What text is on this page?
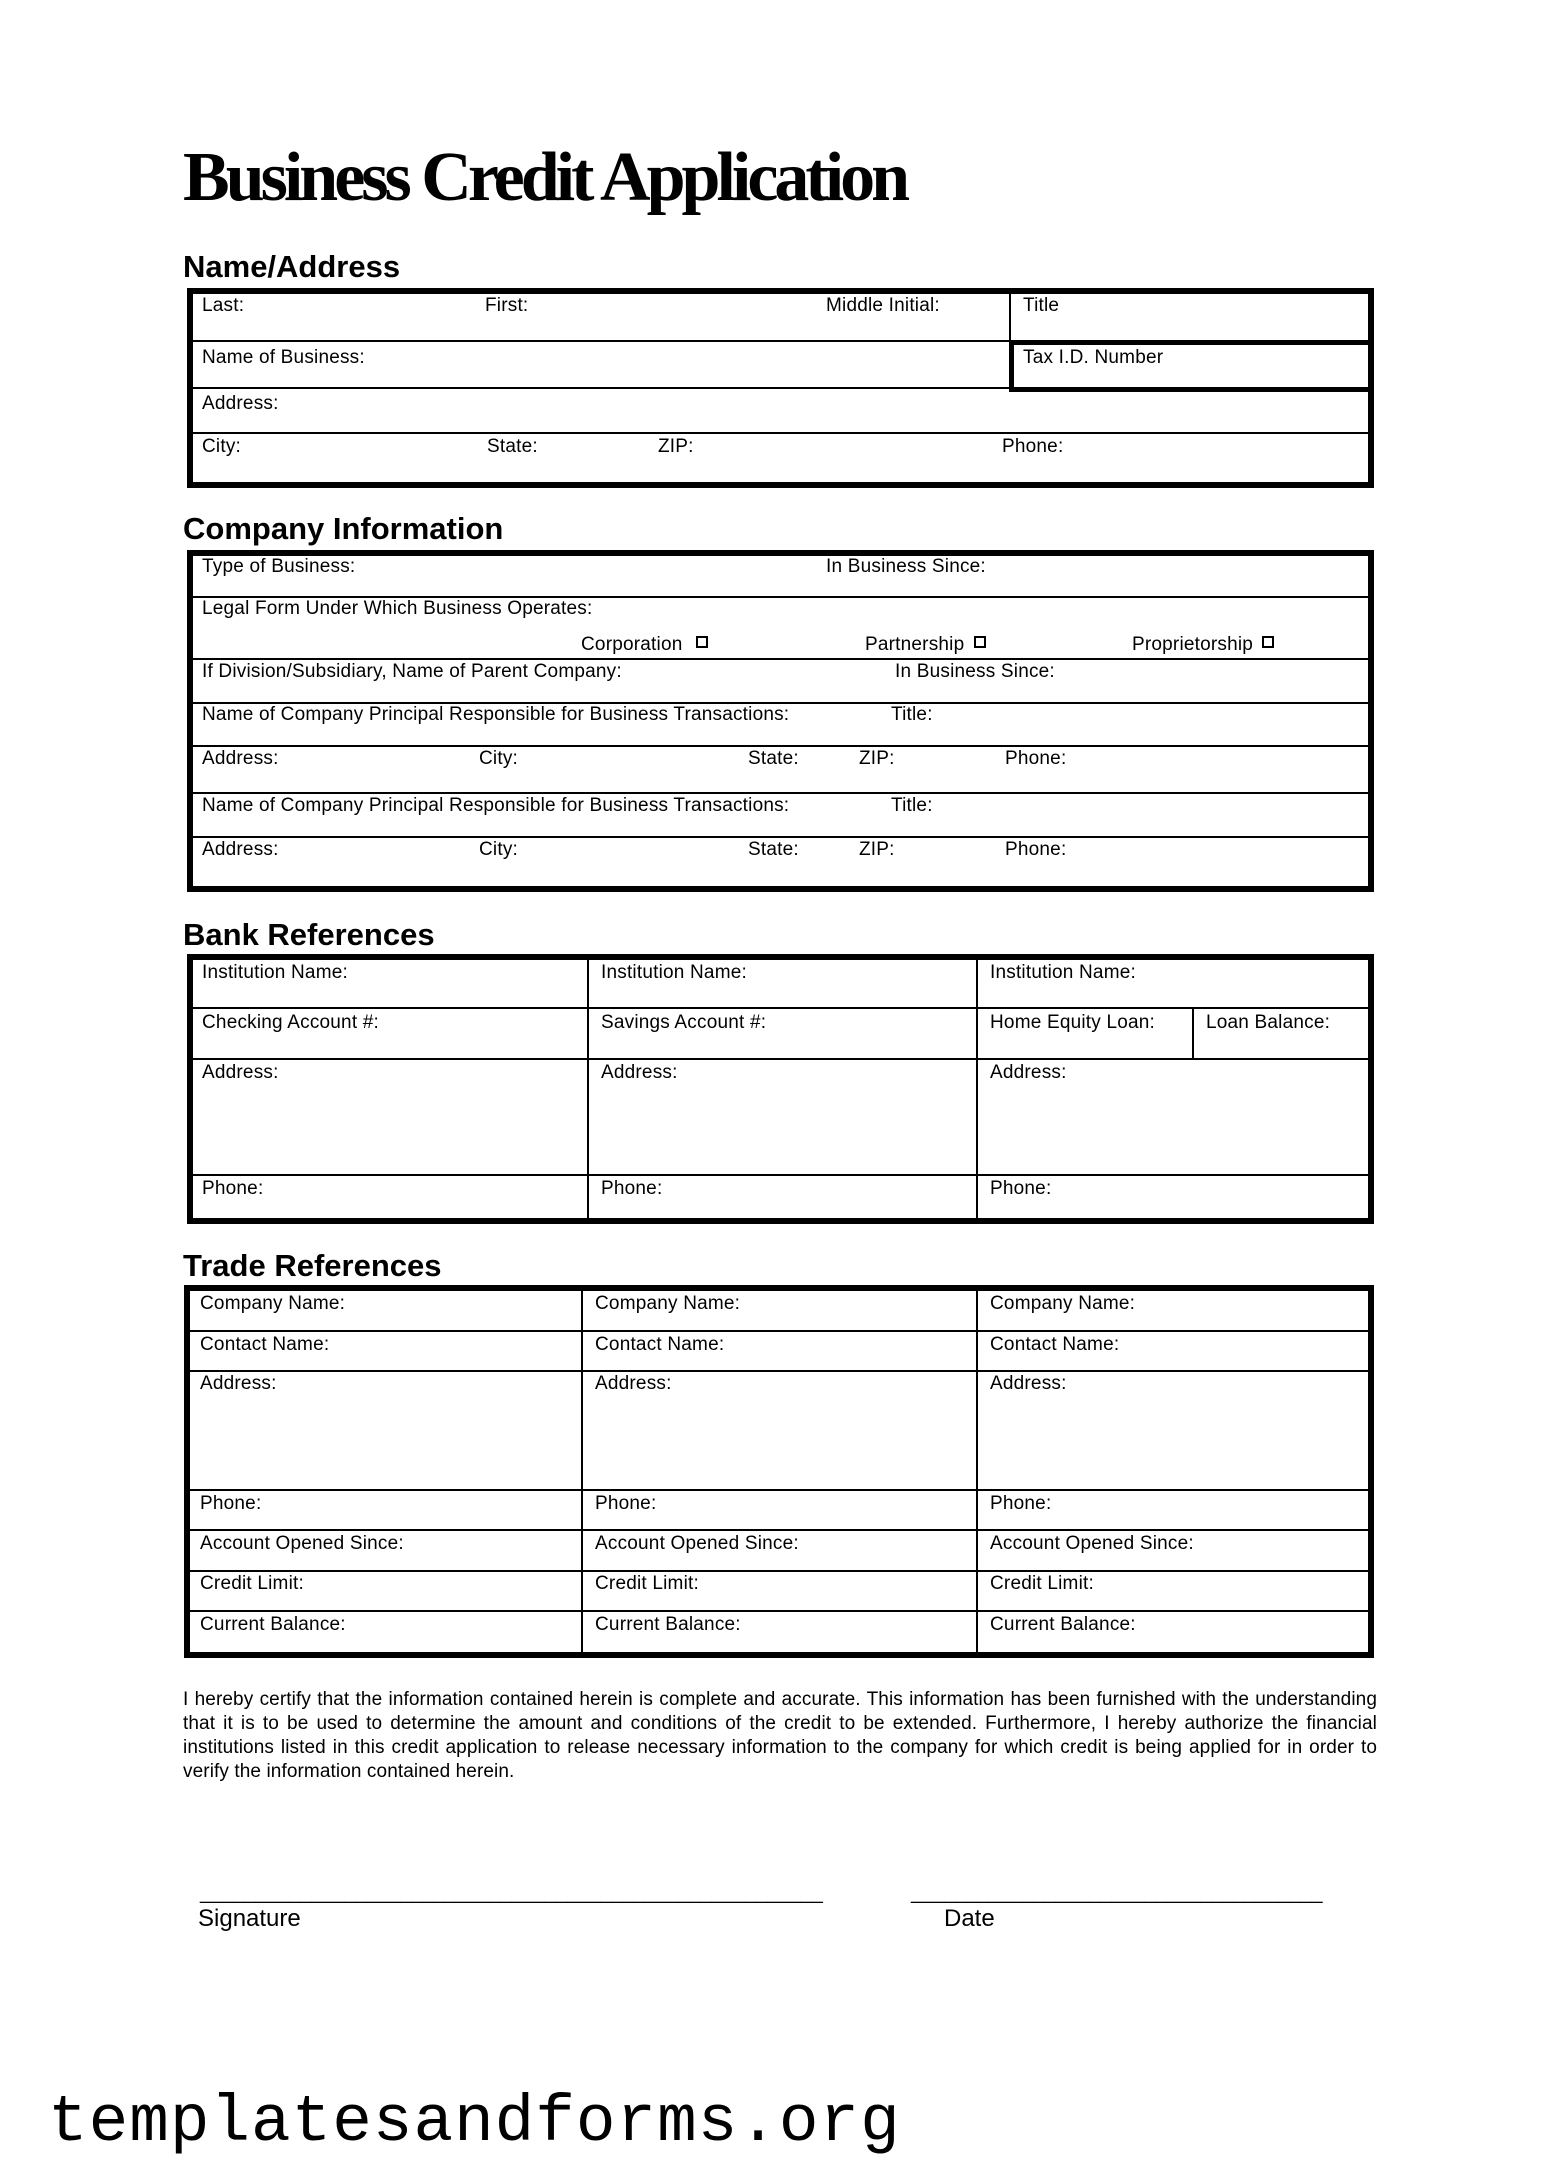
Business Credit Application
Name/Address
Last:	First:	Middle Initial:	Title
Name of Business:	Tax I.D. Number
Address:
City:	State:	ZIP:	Phone:
Company Information
Type of Business:	In Business Since:
Legal Form Under Which Business Operates:
Corporation	Partnership	Proprietorship
If Division/Subsidiary, Name of Parent Company:	In Business Since:
Name of Company Principal Responsible for Business Transactions:	Title:
Address:	City:	State:	ZIP:	Phone:
Name of Company Principal Responsible for Business Transactions:	Title:
Address:	City:	State:	ZIP:	Phone:
Bank References
Institution Name:	Institution Name:	Institution Name:
Checking Account #:	Savings Account #:	Home Equity Loan:	Loan Balance:
Address:	Address:	Address:
Phone:	Phone:	Phone:
Trade References
Company Name:	Company Name:	Company Name:
Contact Name:	Contact Name:	Contact Name:
Address:	Address:	Address:
Phone:	Phone:	Phone:
Account Opened Since:	Account Opened Since:	Account Opened Since:
Credit Limit:	Credit Limit:	Credit Limit:
Current Balance:	Current Balance:	Current Balance:
I hereby certify that the information contained herein is complete and accurate. This information has been furnished with the understanding that it is to be used to determine the amount and conditions of the credit to be extended. Furthermore, I hereby authorize the financial institutions listed in this credit application to release necessary information to the company for which credit is being applied for in order to verify the information contained herein.
________________________________________________________	_____________________________________
Signature	Date
templatesandforms.org
